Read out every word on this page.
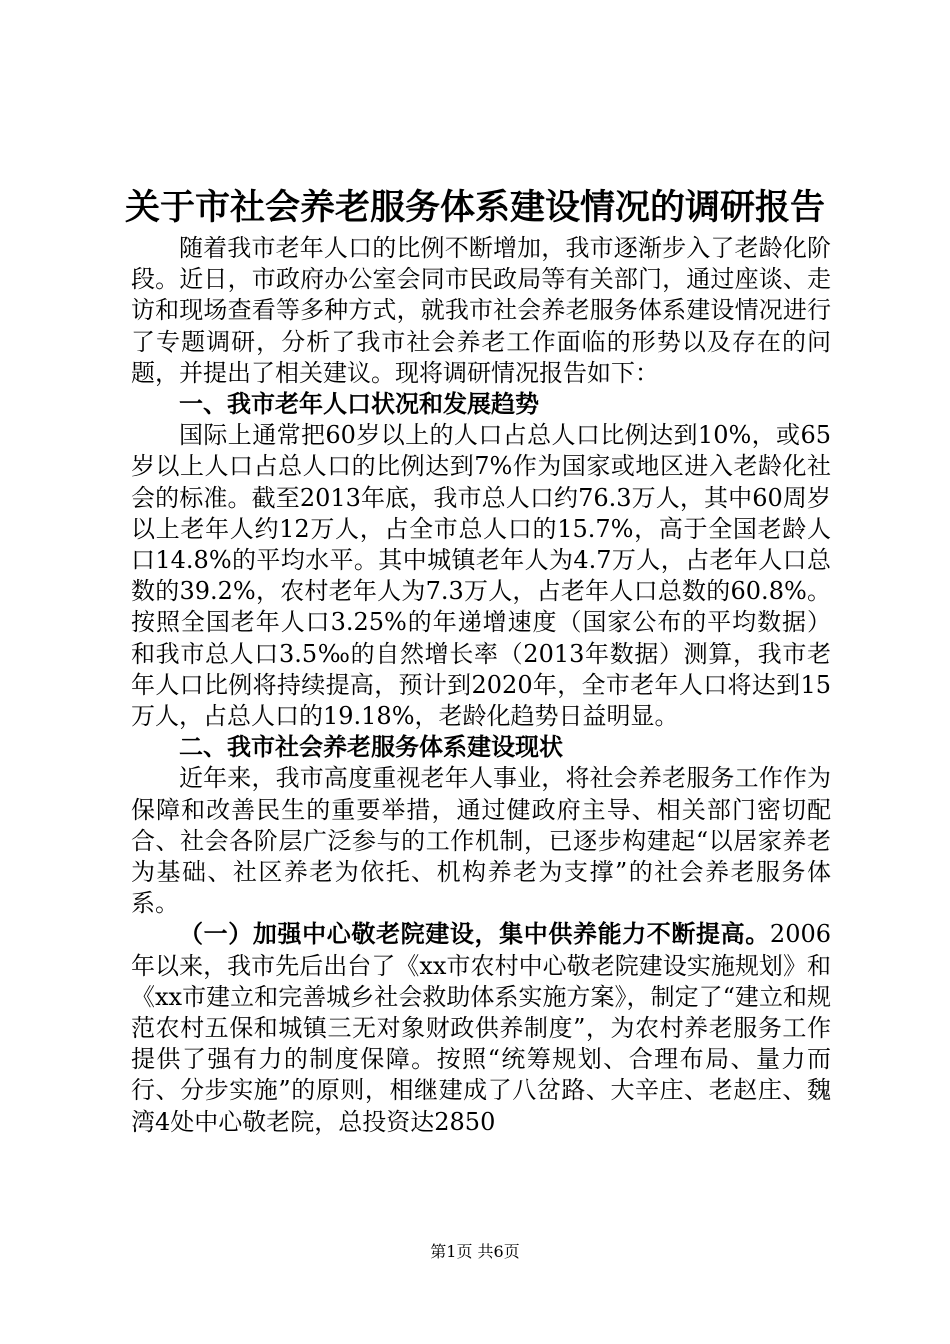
关于市社会养老服务体系建设情况的调研报告

随着我市老年人口的比例不断增加，我市逐渐步入了老龄化阶段。近日，市政府办公室会同市民政局等有关部门，通过座谈、走访和现场查看等多种方式，就我市社会养老服务体系建设情况进行了专题调研，分析了我市社会养老工作面临的形势以及存在的问题，并提出了相关建议。现将调研情况报告如下：

一、我市老年人口状况和发展趋势

国际上通常把60岁以上的人口占总人口比例达到10%，或65岁以上人口占总人口的比例达到7%作为国家或地区进入老龄化社会的标准。截至2013年底，我市总人口约76.3万人，其中60周岁以上老年人约12万人，占全市总人口的15.7%，高于全国老龄人口14.8%的平均水平。其中城镇老年人为4.7万人，占老年人口总数的39.2%，农村老年人为7.3万人，占老年人口总数的60.8%。按照全国老年人口3.25%的年递增速度（国家公布的平均数据）和我市总人口3.5‰的自然增长率（2013年数据）测算，我市老年人口比例将持续提高，预计到2020年，全市老年人口将达到15万人，占总人口的19.18%，老龄化趋势日益明显。

二、我市社会养老服务体系建设现状

近年来，我市高度重视老年人事业，将社会养老服务工作作为保障和改善民生的重要举措，通过健政府主导、相关部门密切配合、社会各阶层广泛参与的工作机制，已逐步构建起“以居家养老为基础、社区养老为依托、机构养老为支撑”的社会养老服务体系。

（一）加强中心敬老院建设，集中供养能力不断提高。2006年以来，我市先后出台了《xx市农村中心敬老院建设实施规划》和《xx市建立和完善城乡社会救助体系实施方案》，制定了“建立和规范农村五保和城镇三无对象财政供养制度”，为农村养老服务工作提供了强有力的制度保障。按照“统筹规划、合理布局、量力而行、分步实施”的原则，相继建成了八岔路、大辛庄、老赵庄、魏湾4处中心敬老院，总投资达2850

第1页 共6页
